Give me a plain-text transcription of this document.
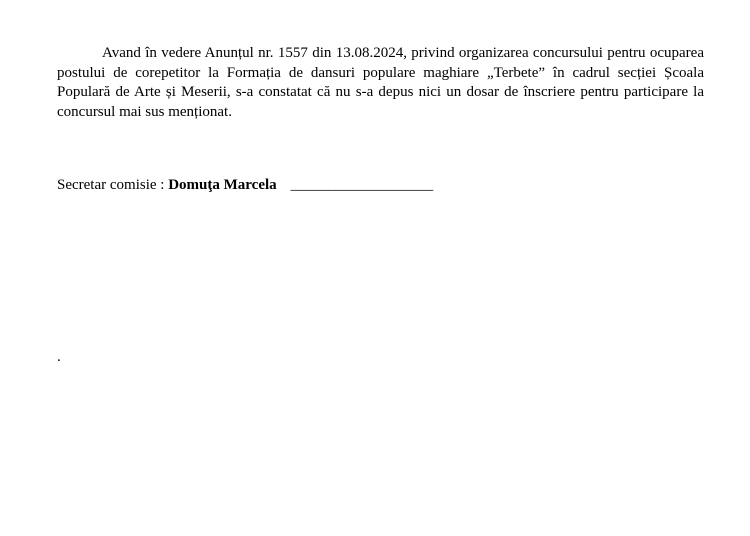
Avand în vedere Anunțul nr. 1557 din 13.08.2024, privind organizarea concursului pentru ocuparea postului de corepetitor la Formația de dansuri populare maghiare „Terbete” în cadrul secției Școala Populară de Arte și Meserii, s-a constatat că nu s-a depus nici un dosar de înscriere pentru participare la concursul mai sus menționat.

Secretar comisie : Domuţa Marcela ___________________
.
